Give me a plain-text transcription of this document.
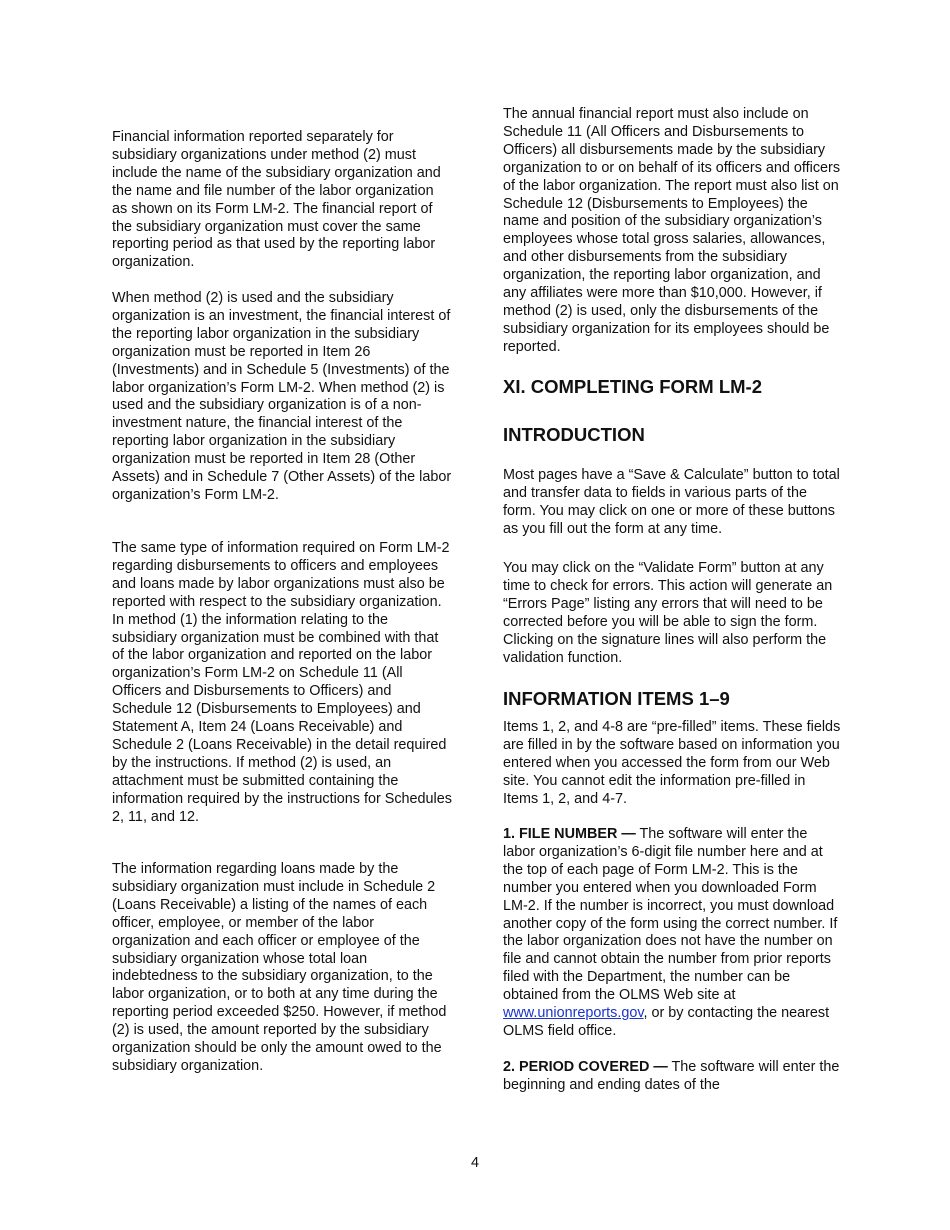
Financial information reported separately for subsidiary organizations under method (2) must include the name of the subsidiary organization and the name and file number of the labor organization as shown on its Form LM-2. The financial report of the subsidiary organization must cover the same reporting period as that used by the reporting labor organization.

When method (2) is used and the subsidiary organization is an investment, the financial interest of the reporting labor organization in the subsidiary organization must be reported in Item 26 (Investments) and in Schedule 5 (Investments) of the labor organization’s Form LM-2. When method (2) is used and the subsidiary organization is of a non-investment nature, the financial interest of the reporting labor organization in the subsidiary organization must be reported in Item 28 (Other Assets) and in Schedule 7 (Other Assets) of the labor organization’s Form LM-2.

The same type of information required on Form LM-2 regarding disbursements to officers and employees and loans made by labor organizations must also be reported with respect to the subsidiary organization. In method (1) the information relating to the subsidiary organization must be combined with that of the labor organization and reported on the labor organization’s Form LM-2 on Schedule 11 (All Officers and Disbursements to Officers) and Schedule 12 (Disbursements to Employees) and Statement A, Item 24 (Loans Receivable) and Schedule 2 (Loans Receivable) in the detail required by the instructions. If method (2) is used, an attachment must be submitted containing the information required by the instructions for Schedules 2, 11, and 12.

The information regarding loans made by the subsidiary organization must include in Schedule 2 (Loans Receivable) a listing of the names of each officer, employee, or member of the labor organization and each officer or employee of the subsidiary organization whose total loan indebtedness to the subsidiary organization, to the labor organization, or to both at any time during the reporting period exceeded $250. However, if method (2) is used, the amount reported by the subsidiary organization should be only the amount owed to the subsidiary organization.

The annual financial report must also include on Schedule 11 (All Officers and Disbursements to Officers) all disbursements made by the subsidiary organization to or on behalf of its officers and officers of the labor organization. The report must also list on Schedule 12 (Disbursements to Employees) the name and position of the subsidiary organization’s employees whose total gross salaries, allowances, and other disbursements from the subsidiary organization, the reporting labor organization, and any affiliates were more than $10,000. However, if method (2) is used, only the disbursements of the subsidiary organization for its employees should be reported.

XI. COMPLETING FORM LM-2
INTRODUCTION

Most pages have a “Save & Calculate” button to total and transfer data to fields in various parts of the form. You may click on one or more of these buttons as you fill out the form at any time.

You may click on the “Validate Form” button at any time to check for errors. This action will generate an “Errors Page” listing any errors that will need to be corrected before you will be able to sign the form. Clicking on the signature lines will also perform the validation function.

INFORMATION ITEMS 1–9

Items 1, 2, and 4-8 are “pre-filled” items. These fields are filled in by the software based on information you entered when you accessed the form from our Web site. You cannot edit the information pre-filled in Items 1, 2, and 4-7.

1. FILE NUMBER — The software will enter the labor organization’s 6-digit file number here and at the top of each page of Form LM-2. This is the number you entered when you downloaded Form LM-2. If the number is incorrect, you must download another copy of the form using the correct number. If the labor organization does not have the number on file and cannot obtain the number from prior reports filed with the Department, the number can be obtained from the OLMS Web site at www.unionreports.gov, or by contacting the nearest OLMS field office.

2. PERIOD COVERED — The software will enter the beginning and ending dates of the

4
